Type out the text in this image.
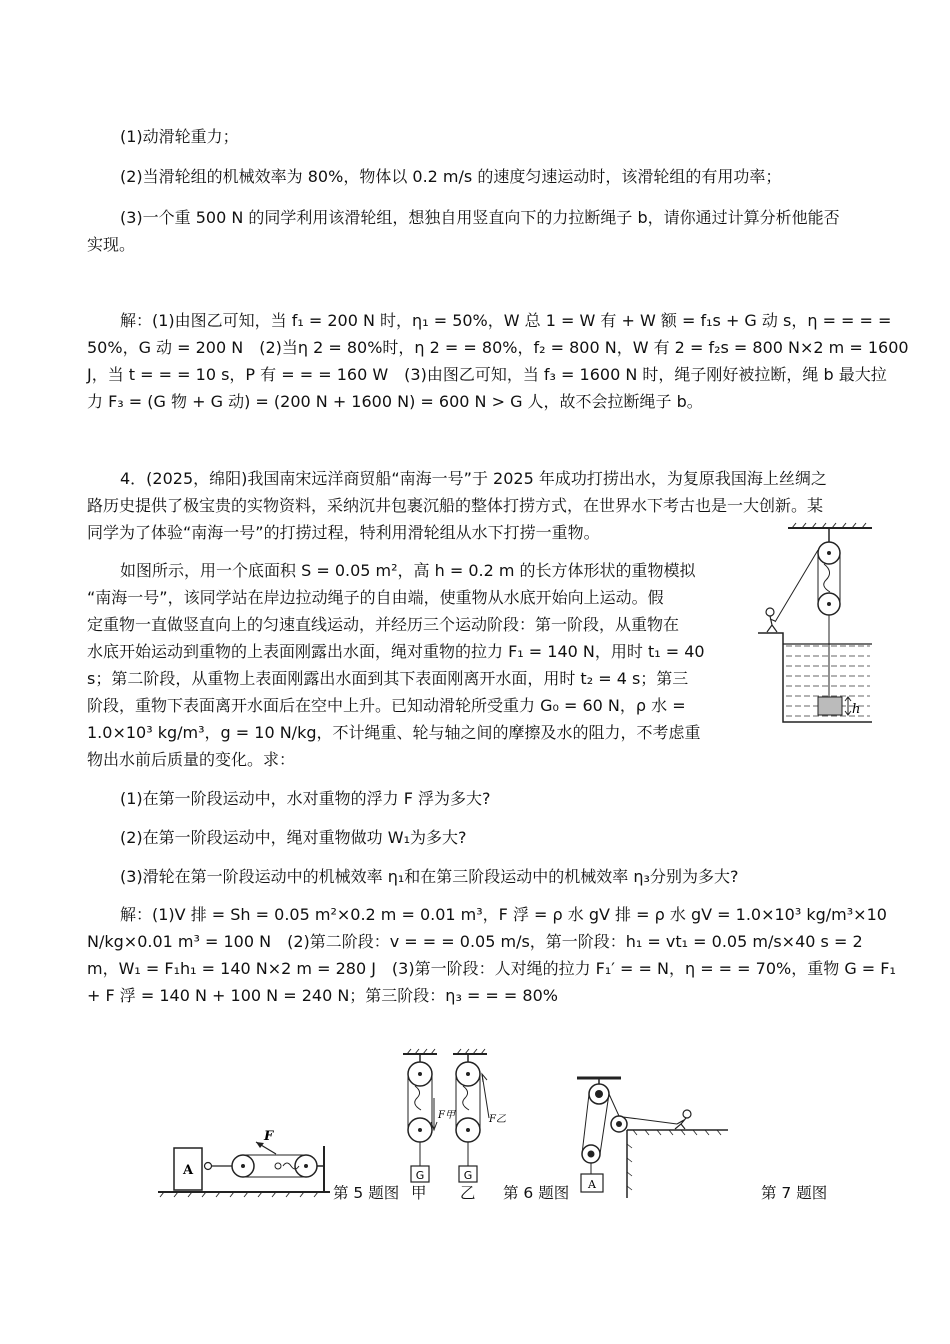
(1)动滑轮重力；
(2)当滑轮组的机械效率为 80%，物体以 0.2 m/s 的速度匀速运动时，该滑轮组的有用功率；
(3)一个重 500 N 的同学利用该滑轮组，想独自用竖直向下的力拉断绳子 b，请你通过计算分析他能否
实现。
解：(1)由图乙可知，当 f₁ = 200 N 时，η₁ = 50%，W 总 1 = W 有 + W 额 = f₁s + G 动 s，η = = = =
50%，G 动 = 200 N　(2)当η 2 = 80%时，η 2 = = 80%，f₂ = 800 N，W 有 2 = f₂s = 800 N×2 m = 1600
J，当 t = = = 10 s，P 有 = = = 160 W　(3)由图乙可知，当 f₃ = 1600 N 时，绳子刚好被拉断，绳 b 最大拉
力 F₃ = (G 物 + G 动) = (200 N + 1600 N) = 600 N > G 人，故不会拉断绳子 b。
4．(2025，绵阳)我国南宋远洋商贸船“南海一号”于 2025 年成功打捞出水，为复原我国海上丝绸之
路历史提供了极宝贵的实物资料，采纳沉井包裹沉船的整体打捞方式，在世界水下考古也是一大创新。某
同学为了体验“南海一号”的打捞过程，特利用滑轮组从水下打捞一重物。
如图所示，用一个底面积 S = 0.05 m²，高 h = 0.2 m 的长方体形状的重物模拟
“南海一号”，该同学站在岸边拉动绳子的自由端，使重物从水底开始向上运动。假
定重物一直做竖直向上的匀速直线运动，并经历三个运动阶段：第一阶段，从重物在
水底开始运动到重物的上表面刚露出水面，绳对重物的拉力 F₁ = 140 N，用时 t₁ = 40
s；第二阶段，从重物上表面刚露出水面到其下表面刚离开水面，用时 t₂ = 4 s；第三
阶段，重物下表面离开水面后在空中上升。已知动滑轮所受重力 G₀ = 60 N，ρ 水 =
1.0×10³ kg/m³，g = 10 N/kg，不计绳重、轮与轴之间的摩擦及水的阻力，不考虑重
物出水前后质量的变化。求：
(1)在第一阶段运动中，水对重物的浮力 F 浮为多大?
(2)在第一阶段运动中，绳对重物做功 W₁为多大?
(3)滑轮在第一阶段运动中的机械效率 η₁和在第三阶段运动中的机械效率 η₃分别为多大?
解：(1)V 排 = Sh = 0.05 m²×0.2 m = 0.01 m³，F 浮 = ρ 水 gV 排 = ρ 水 gV = 1.0×10³ kg/m³×10
N/kg×0.01 m³ = 100 N　(2)第二阶段：v = = = 0.05 m/s，第一阶段：h₁ = vt₁ = 0.05 m/s×40 s = 2
m，W₁ = F₁h₁ = 140 N×2 m = 280 J　(3)第一阶段：人对绳的拉力 F₁′ = = N，η = = = 70%，重物 G = F₁
+ F 浮 = 140 N + 100 N = 240 N；第三阶段：η₃ = = = 80%
h
A
F
第 5 题图
G
F甲
G
F乙
甲 乙 第 6 题图 A	第 7 题图
